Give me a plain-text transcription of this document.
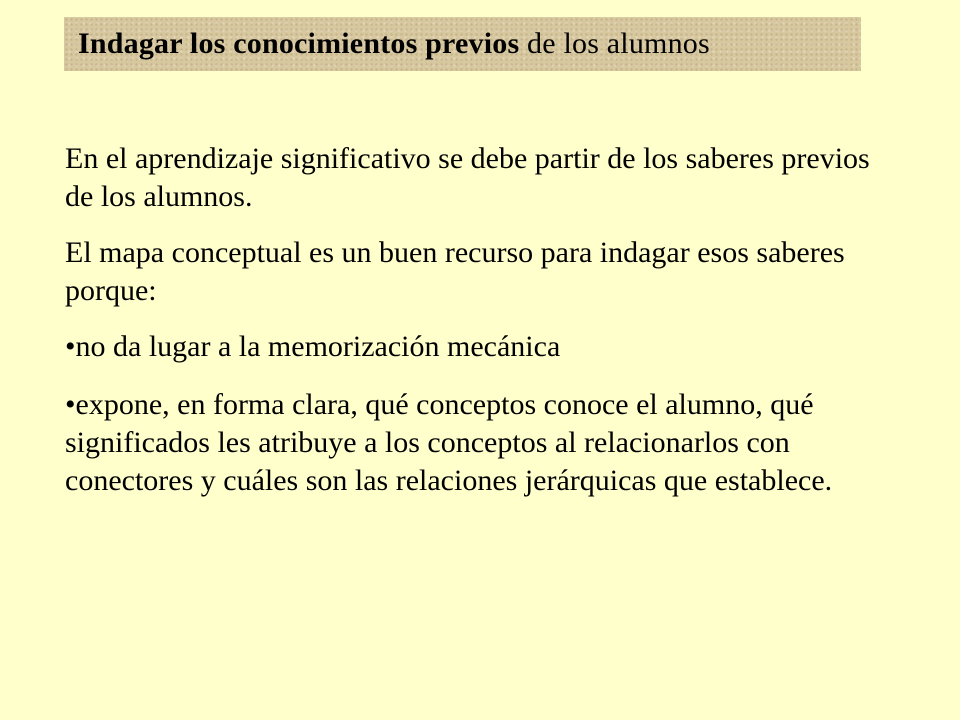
Indagar los conocimientos previos de los alumnos

En el aprendizaje significativo se debe partir de los saberes previos de los alumnos.

El mapa conceptual es un buen recurso para indagar esos saberes porque:

•no da lugar a la memorización mecánica

•expone, en forma clara, qué conceptos conoce el alumno, qué significados les atribuye a los conceptos al relacionarlos con conectores y cuáles son las relaciones jerárquicas que establece.
